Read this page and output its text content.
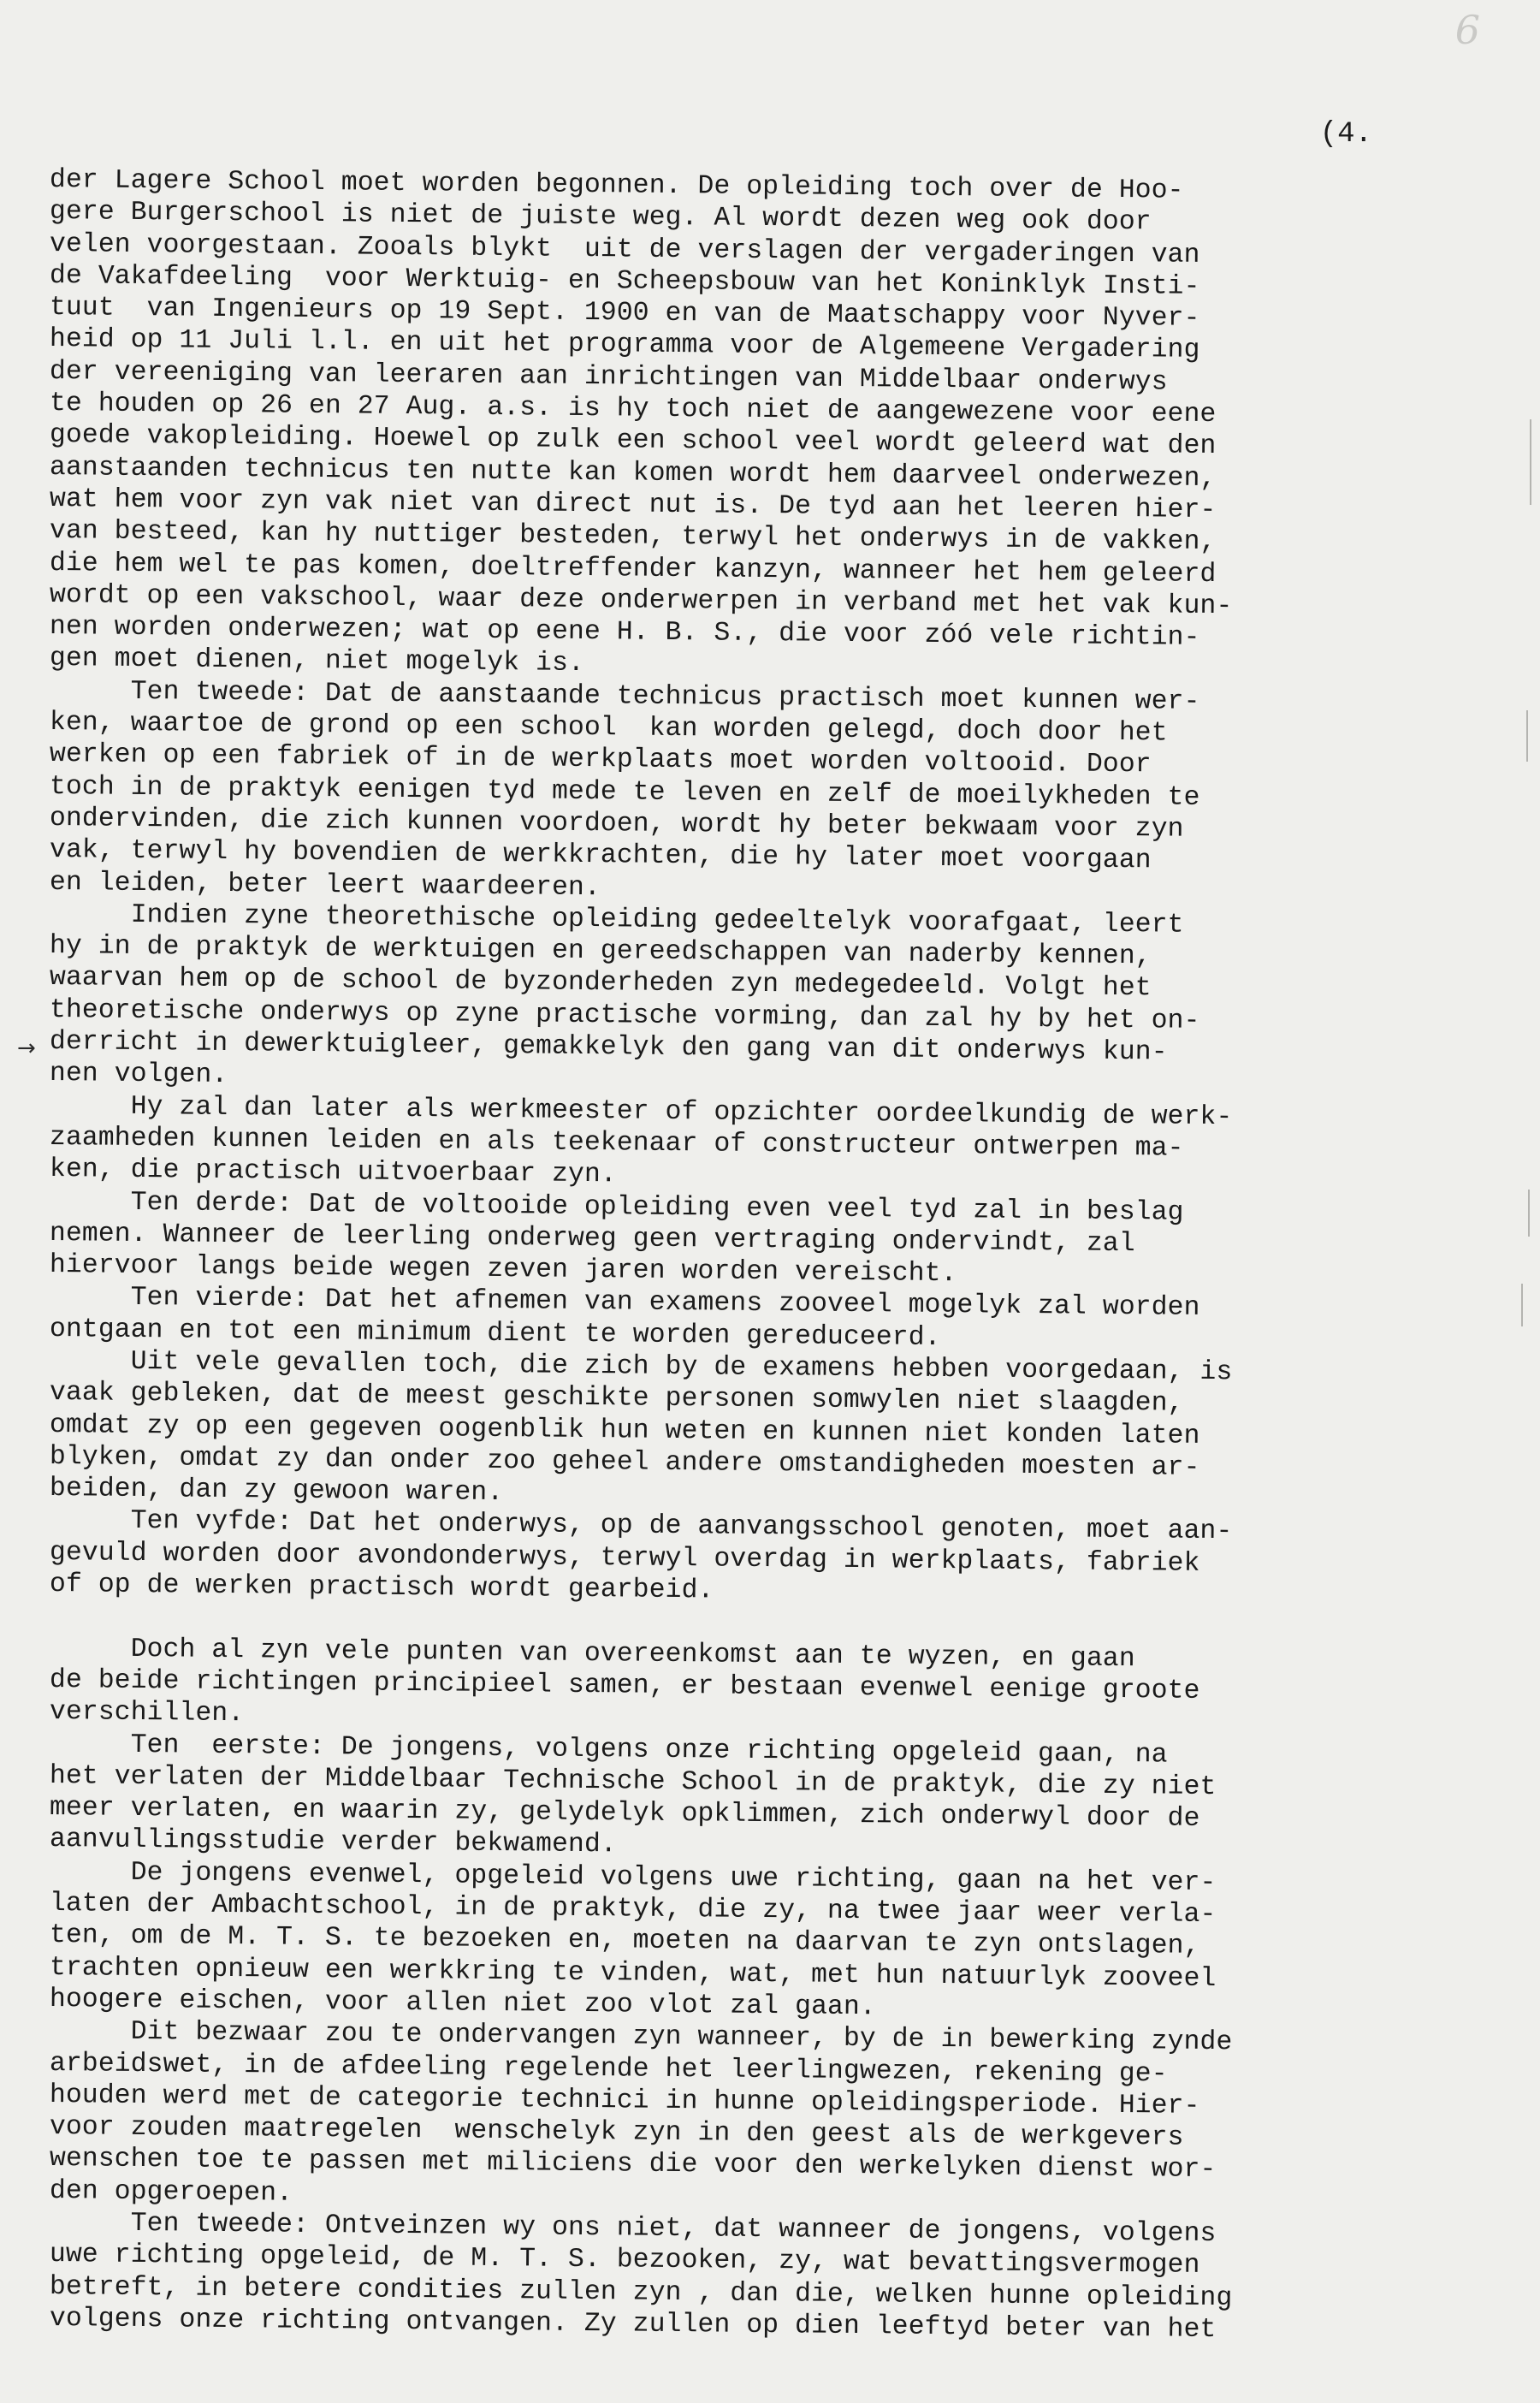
6
(4.
→
der Lagere School moet worden begonnen. De opleiding toch over de Hoo-
gere Burgerschool is niet de juiste weg. Al wordt dezen weg ook door
velen voorgestaan. Zooals blykt  uit de verslagen der vergaderingen van
de Vakafdeeling  voor Werktuig- en Scheepsbouw van het Koninklyk Insti-
tuut  van Ingenieurs op 19 Sept. 1900 en van de Maatschappy voor Nyver-
heid op 11 Juli l.l. en uit het programma voor de Algemeene Vergadering
der vereeniging van leeraren aan inrichtingen van Middelbaar onderwys
te houden op 26 en 27 Aug. a.s. is hy toch niet de aangewezene voor eene
goede vakopleiding. Hoewel op zulk een school veel wordt geleerd wat den
aanstaanden technicus ten nutte kan komen wordt hem daarveel onderwezen,
wat hem voor zyn vak niet van direct nut is. De tyd aan het leeren hier-
van besteed, kan hy nuttiger besteden, terwyl het onderwys in de vakken,
die hem wel te pas komen, doeltreffender kanzyn, wanneer het hem geleerd
wordt op een vakschool, waar deze onderwerpen in verband met het vak kun-
nen worden onderwezen; wat op eene H. B. S., die voor zóó vele richtin-
gen moet dienen, niet mogelyk is.
Ten tweede: Dat de aanstaande technicus practisch moet kunnen wer-
ken, waartoe de grond op een school  kan worden gelegd, doch door het
werken op een fabriek of in de werkplaats moet worden voltooid. Door
toch in de praktyk eenigen tyd mede te leven en zelf de moeilykheden te
ondervinden, die zich kunnen voordoen, wordt hy beter bekwaam voor zyn
vak, terwyl hy bovendien de werkkrachten, die hy later moet voorgaan
en leiden, beter leert waardeeren.
Indien zyne theorethische opleiding gedeeltelyk voorafgaat, leert
hy in de praktyk de werktuigen en gereedschappen van naderby kennen,
waarvan hem op de school de byzonderheden zyn medegedeeld. Volgt het
theoretische onderwys op zyne practische vorming, dan zal hy by het on-
derricht in dewerktuigleer, gemakkelyk den gang van dit onderwys kun-
nen volgen.
Hy zal dan later als werkmeester of opzichter oordeelkundig de werk-
zaamheden kunnen leiden en als teekenaar of constructeur ontwerpen ma-
ken, die practisch uitvoerbaar zyn.
Ten derde: Dat de voltooide opleiding even veel tyd zal in beslag
nemen. Wanneer de leerling onderweg geen vertraging ondervindt, zal
hiervoor langs beide wegen zeven jaren worden vereischt.
Ten vierde: Dat het afnemen van examens zooveel mogelyk zal worden
ontgaan en tot een minimum dient te worden gereduceerd.
Uit vele gevallen toch, die zich by de examens hebben voorgedaan, is
vaak gebleken, dat de meest geschikte personen somwylen niet slaagden,
omdat zy op een gegeven oogenblik hun weten en kunnen niet konden laten
blyken, omdat zy dan onder zoo geheel andere omstandigheden moesten ar-
beiden, dan zy gewoon waren.
Ten vyfde: Dat het onderwys, op de aanvangsschool genoten, moet aan-
gevuld worden door avondonderwys, terwyl overdag in werkplaats, fabriek
of op de werken practisch wordt gearbeid.
Doch al zyn vele punten van overeenkomst aan te wyzen, en gaan
de beide richtingen principieel samen, er bestaan evenwel eenige groote
verschillen.
Ten  eerste: De jongens, volgens onze richting opgeleid gaan, na
het verlaten der Middelbaar Technische School in de praktyk, die zy niet
meer verlaten, en waarin zy, gelydelyk opklimmen, zich onderwyl door de
aanvullingsstudie verder bekwamend.
De jongens evenwel, opgeleid volgens uwe richting, gaan na het ver-
laten der Ambachtschool, in de praktyk, die zy, na twee jaar weer verla-
ten, om de M. T. S. te bezoeken en, moeten na daarvan te zyn ontslagen,
trachten opnieuw een werkkring te vinden, wat, met hun natuurlyk zooveel
hoogere eischen, voor allen niet zoo vlot zal gaan.
Dit bezwaar zou te ondervangen zyn wanneer, by de in bewerking zynde
arbeidswet, in de afdeeling regelende het leerlingwezen, rekening ge-
houden werd met de categorie technici in hunne opleidingsperiode. Hier-
voor zouden maatregelen  wenschelyk zyn in den geest als de werkgevers
wenschen toe te passen met miliciens die voor den werkelyken dienst wor-
den opgeroepen.
Ten tweede: Ontveinzen wy ons niet, dat wanneer de jongens, volgens
uwe richting opgeleid, de M. T. S. bezooken, zy, wat bevattingsvermogen
betreft, in betere condities zullen zyn , dan die, welken hunne opleiding
volgens onze richting ontvangen. Zy zullen op dien leeftyd beter van het
